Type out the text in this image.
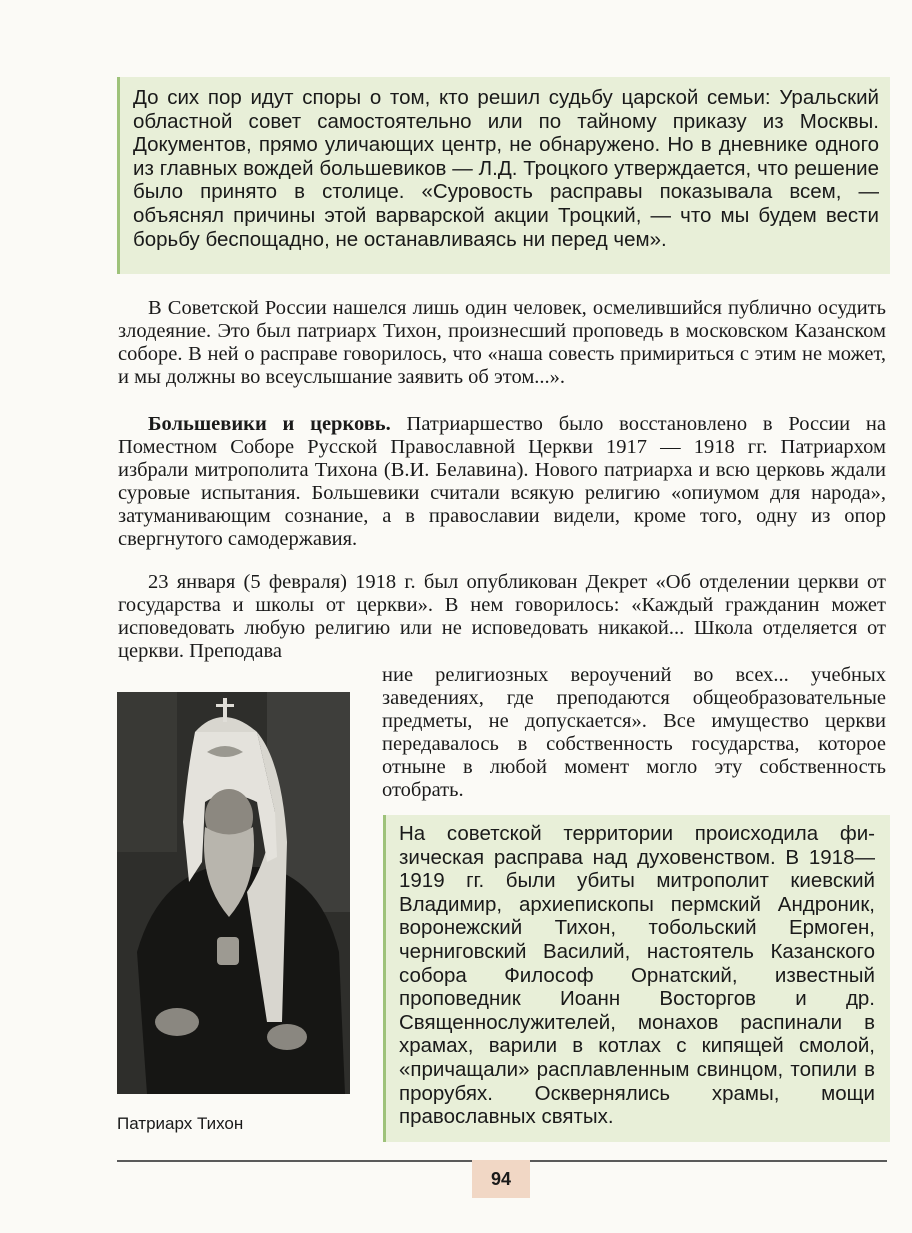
До сих пор идут споры о том, кто решил судьбу царской семьи: Уральский областной совет самостоятельно или по тайному приказу из Москвы. Документов, прямо уличающих центр, не обнаружено. Но в дневнике одного из главных вождей большевиков — Л.Д. Троцкого утверждается, что решение было принято в столице. «Суровость расправы показывала всем, — объяснял причины этой варварской акции Троцкий, — что мы будем вести борьбу беспощадно, не останавливаясь ни перед чем».

В Советской России нашелся лишь один человек, осмелившийся публично осудить злодеяние. Это был патриарх Тихон, произнесший проповедь в московском Казанском соборе. В ней о расправе говорилось, что «наша совесть примириться с этим не может, и мы должны во всеуслышание заявить об этом...».

Большевики и церковь. Патриаршество было восстановлено в России на Поместном Соборе Русской Православной Церкви 1917 — 1918 гг. Патриархом избрали митрополита Тихона (В.И. Белавина). Нового патриарха и всю церковь ждали суровые испытания. Большевики считали всякую религию «опиумом для народа», затуманивающим сознание, а в православии видели, кроме того, одну из опор свергнутого самодержавия.

23 января (5 февраля) 1918 г. был опубликован Декрет «Об отделении церкви от государства и школы от церкви». В нем говорилось: «Каждый гражданин может исповедовать любую религию или не исповедовать никакой... Школа отделяется от церкви. Преподава

ние религиозных вероучений во всех... учебных заведениях, где преподаются общеобразовательные предметы, не допускается». Все имущество церкви передавалось в собственность государства, которое отныне в любой момент могло эту собственность отобрать.

Патриарх Тихон
На советской территории происходила физическая расправа над духовенством. В 1918—1919 гг. были убиты митрополит киевский Владимир, архиепископы пермский Андроник, воронежский Тихон, тобольский Ермоген, черниговский Василий, настоятель Казанского собора Философ Орнатский, известный проповедник Иоанн Восторгов и др. Священнослужителей, монахов распинали в храмах, варили в котлах с кипящей смолой, «причащали» расплавленным свинцом, топили в прорубях. Осквернялись храмы, мощи православных святых.
94
